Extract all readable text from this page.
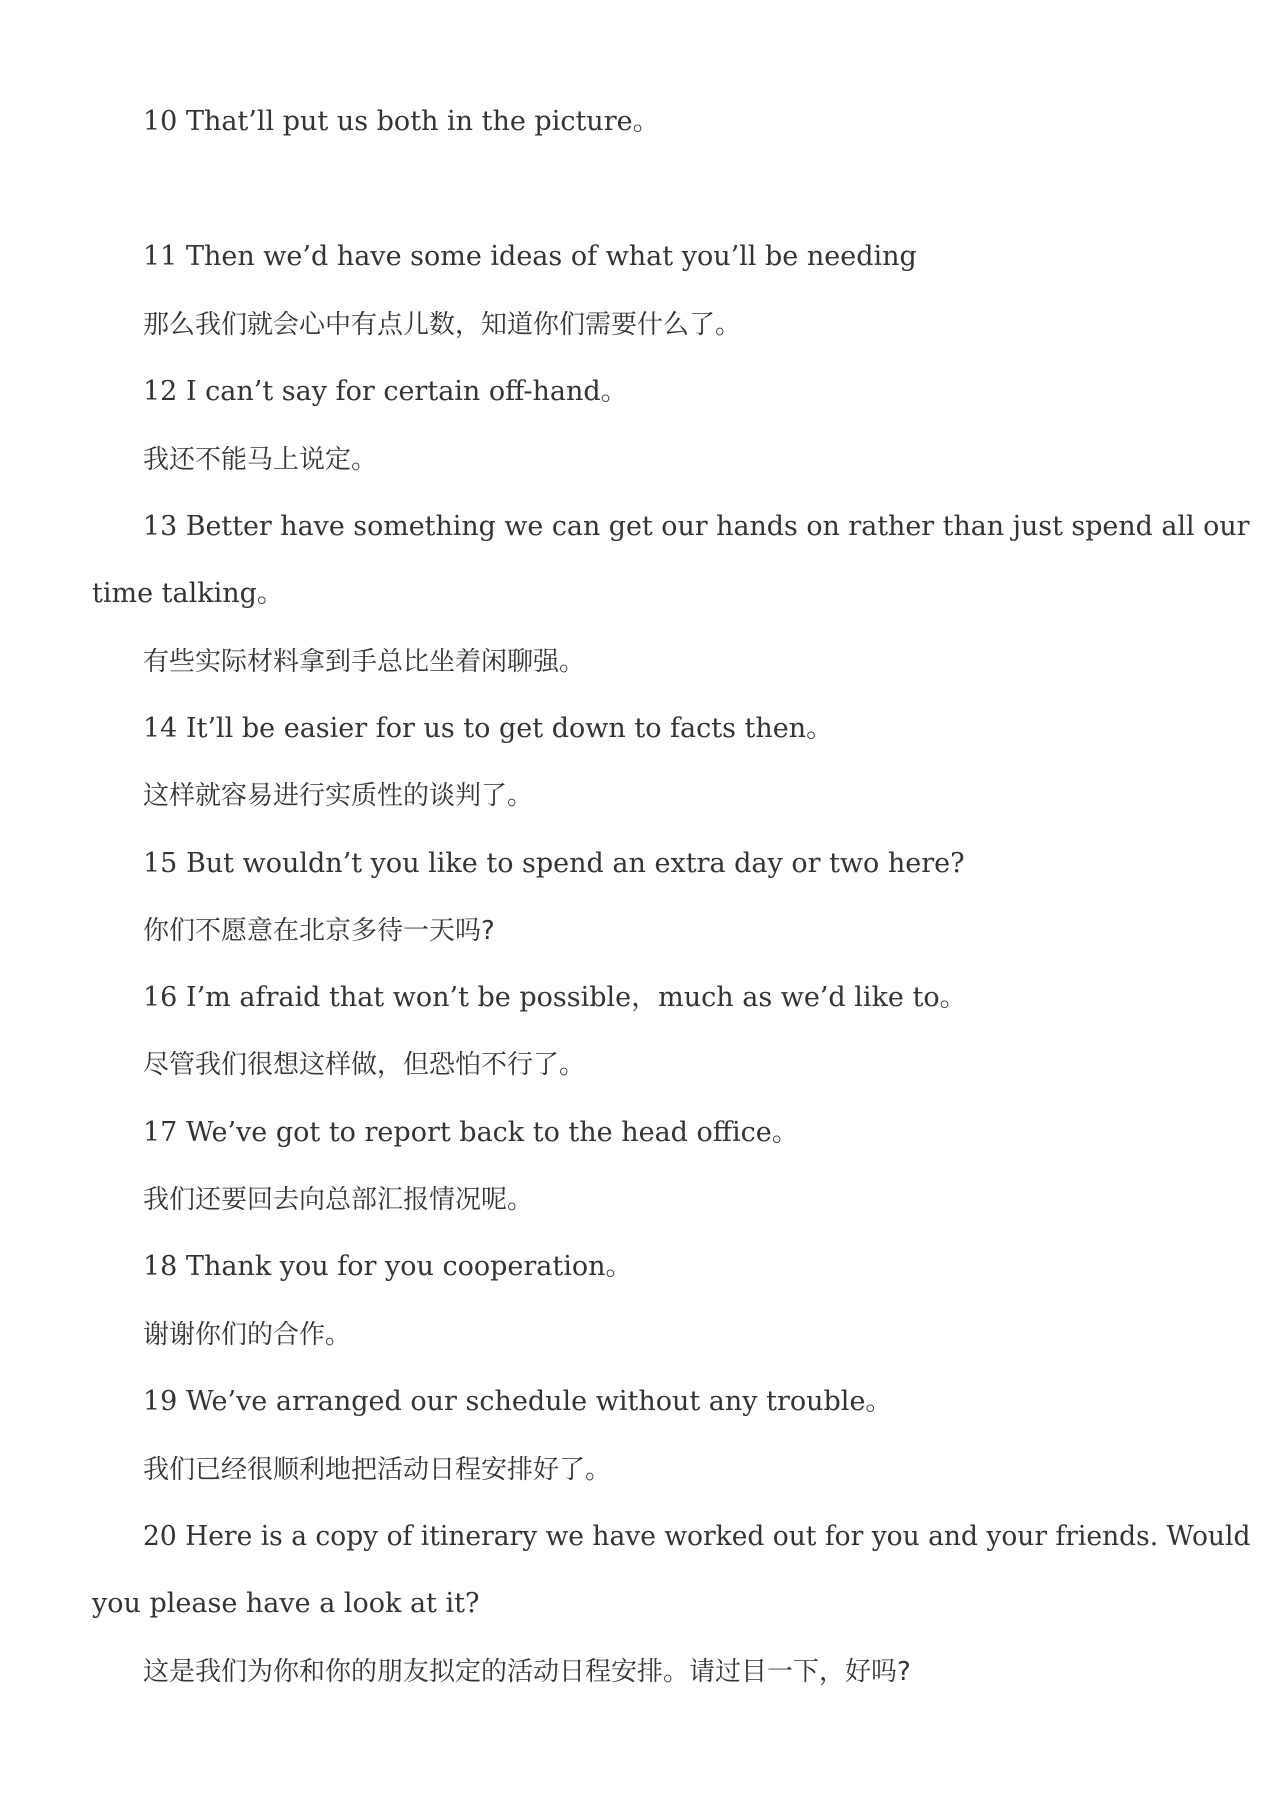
10 That’ll put us both in the picture。
11 Then we’d have some ideas of what you’ll be needing
那么我们就会心中有点儿数，知道你们需要什么了。
12 I can’t say for certain off-hand。
我还不能马上说定。
13 Better have something we can get our hands on rather than just spend all our
time talking。
有些实际材料拿到手总比坐着闲聊强。
14 It’ll be easier for us to get down to facts then。
这样就容易进行实质性的谈判了。
15 But wouldn’t you like to spend an extra day or two here?
你们不愿意在北京多待一天吗?
16 I’m afraid that won’t be possible，much as we’d like to。
尽管我们很想这样做，但恐怕不行了。
17 We’ve got to report back to the head office。
我们还要回去向总部汇报情况呢。
18 Thank you for you cooperation。
谢谢你们的合作。
19 We’ve arranged our schedule without any trouble。
我们已经很顺利地把活动日程安排好了。
20 Here is a copy of itinerary we have worked out for you and your friends. Would
you please have a look at it?
这是我们为你和你的朋友拟定的活动日程安排。请过目一下，好吗?
